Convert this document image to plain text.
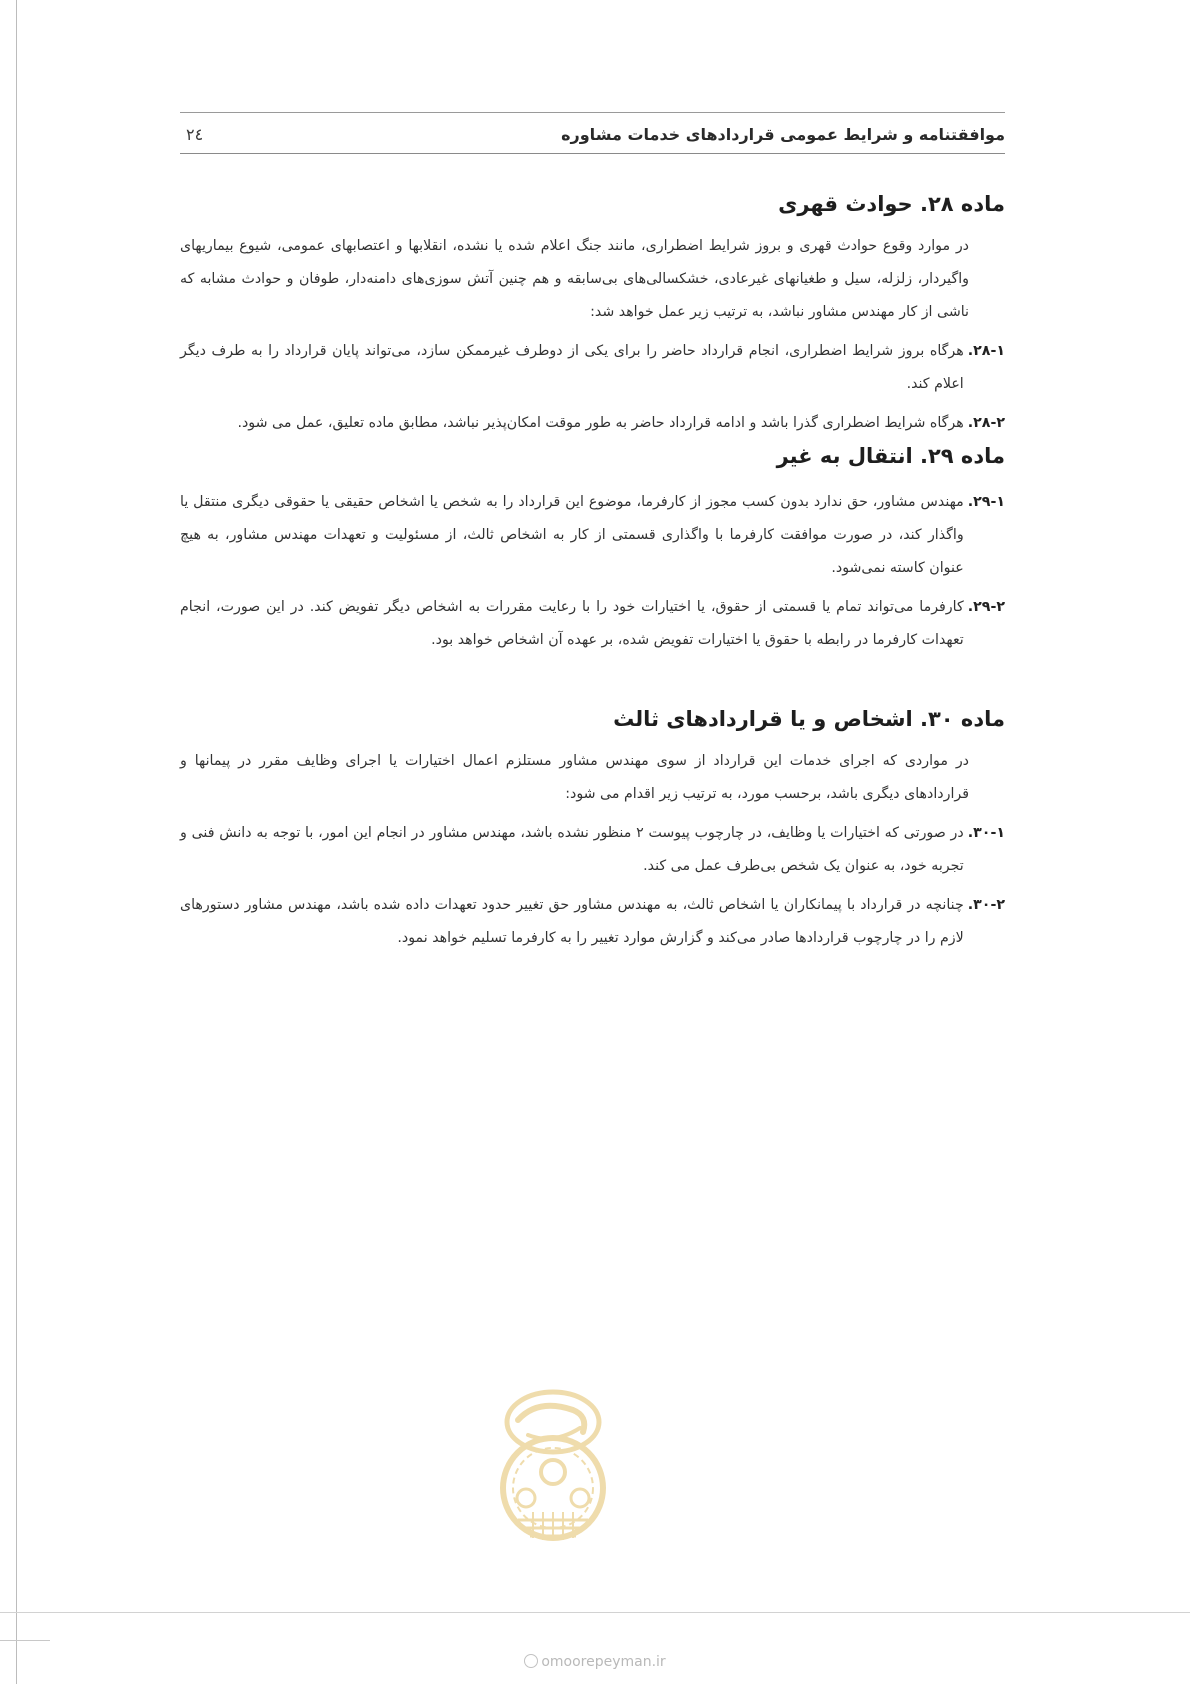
موافقتنامه و شرایط عمومی قراردادهای خدمات مشاوره
٢٤
ماده ۲۸. حوادث قهری

در موارد وقوع حوادث قهری و بروز شرایط اضطراری، مانند جنگ اعلام شده یا نشده، انقلابها و اعتصابهای عمومی، شیوع بیماریهای واگیردار، زلزله، سیل و طغیانهای غیرعادی، خشکسالی‌های بی‌سابقه و هم چنین آتش سوزی‌های دامنه‌دار، طوفان و حوادث مشابه که ناشی از کار مهندس مشاور نباشد، به ترتیب زیر عمل خواهد شد:

۲۸-۱.
هرگاه بروز شرایط اضطراری، انجام قرارداد حاضر را برای یکی از دوطرف غیرممکن سازد، می‌تواند پایان قرارداد را به طرف دیگر اعلام کند.
۲۸-۲.
هرگاه شرایط اضطراری گذرا باشد و ادامه قرارداد حاضر به طور موقت امکان‌پذیر نباشد، مطابق ماده تعلیق، عمل می شود.
ماده ۲۹. انتقال به غیر
۲۹-۱.
مهندس مشاور، حق ندارد بدون کسب مجوز از کارفرما، موضوع این قرارداد را به شخص یا اشخاص حقیقی یا حقوقی دیگری منتقل یا واگذار کند، در صورت موافقت کارفرما با واگذاری قسمتی از کار به اشخاص ثالث، از مسئولیت و تعهدات مهندس مشاور، به هیچ عنوان کاسته نمی‌شود.
۲۹-۲.
کارفرما می‌تواند تمام یا قسمتی از حقوق، یا اختیارات خود را با رعایت مقررات به اشخاص دیگر تفویض کند. در این صورت، انجام تعهدات کارفرما در رابطه با حقوق یا اختیارات تفویض شده، بر عهده آن اشخاص خواهد بود.
ماده ۳۰. اشخاص و یا قراردادهای ثالث

در مواردی که اجرای خدمات این قرارداد از سوی مهندس مشاور مستلزم اعمال اختیارات یا اجرای وظایف مقرر در پیمانها و قراردادهای دیگری باشد، برحسب مورد، به ترتیب زیر اقدام می شود:

۳۰-۱.
در صورتی که اختیارات یا وظایف، در چارچوب پیوست ۲ منظور نشده باشد، مهندس مشاور در انجام این امور، با توجه به دانش فنی و تجربه خود، به عنوان یک شخص بی‌طرف عمل می کند.
۳۰-۲.
چنانچه در قرارداد با پیمانکاران یا اشخاص ثالث، به مهندس مشاور حق تغییر حدود تعهدات داده شده باشد، مهندس مشاور دستورهای لازم را در چارچوب قراردادها صادر می‌کند و گزارش موارد تغییر را به کارفرما تسلیم خواهد نمود.
omoorepeyman.ir
